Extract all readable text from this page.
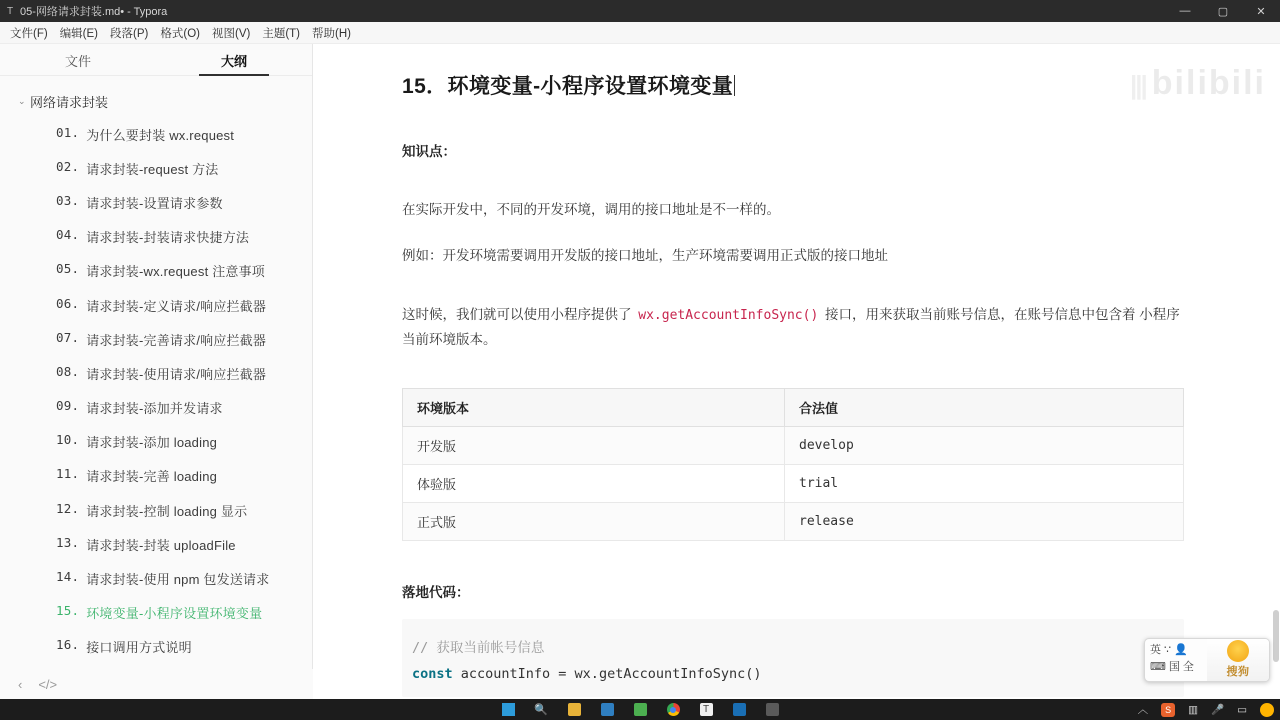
T 05-网络请求封装.md• - Typora	—	▢	✕
文件(F)	编辑(E)	段落(P)	格式(O)	视图(V)	主题(T)	帮助(H)
文件	大纲
⌄ 网络请求封装
01. 为什么要封装 wx.request
02. 请求封装-request 方法
03. 请求封装-设置请求参数
04. 请求封装-封装请求快捷方法
05. 请求封装-wx.request 注意事项
06. 请求封装-定义请求/响应拦截器
07. 请求封装-完善请求/响应拦截器
08. 请求封装-使用请求/响应拦截器
09. 请求封装-添加并发请求
10. 请求封装-添加 loading
11. 请求封装-完善 loading
12. 请求封装-控制 loading 显示
13. 请求封装-封装 uploadFile
14. 请求封装-使用 npm 包发送请求
15. 环境变量-小程序设置环境变量
16. 接口调用方式说明
‹ </>
||| bilibili
15．环境变量-小程序设置环境变量
知识点：

在实际开发中，不同的开发环境，调用的接口地址是不一样的。

例如：开发环境需要调用开发版的接口地址，生产环境需要调用正式版的接口地址

这时候，我们就可以使用小程序提供了 wx.getAccountInfoSync() 接口，用来获取当前账号信息，在账号信息中包含着 小程序 当前环境版本。

环境版本	合法值
开发版	develop
体验版	trial
正式版	release
落地代码：
// 获取当前帐号信息
const accountInfo = wx.getAccountInfoSync()
英 ∵ 👤
⌨ 国 全	搜狗
🔍	T	︿	S	▥ 🎤 ▭
